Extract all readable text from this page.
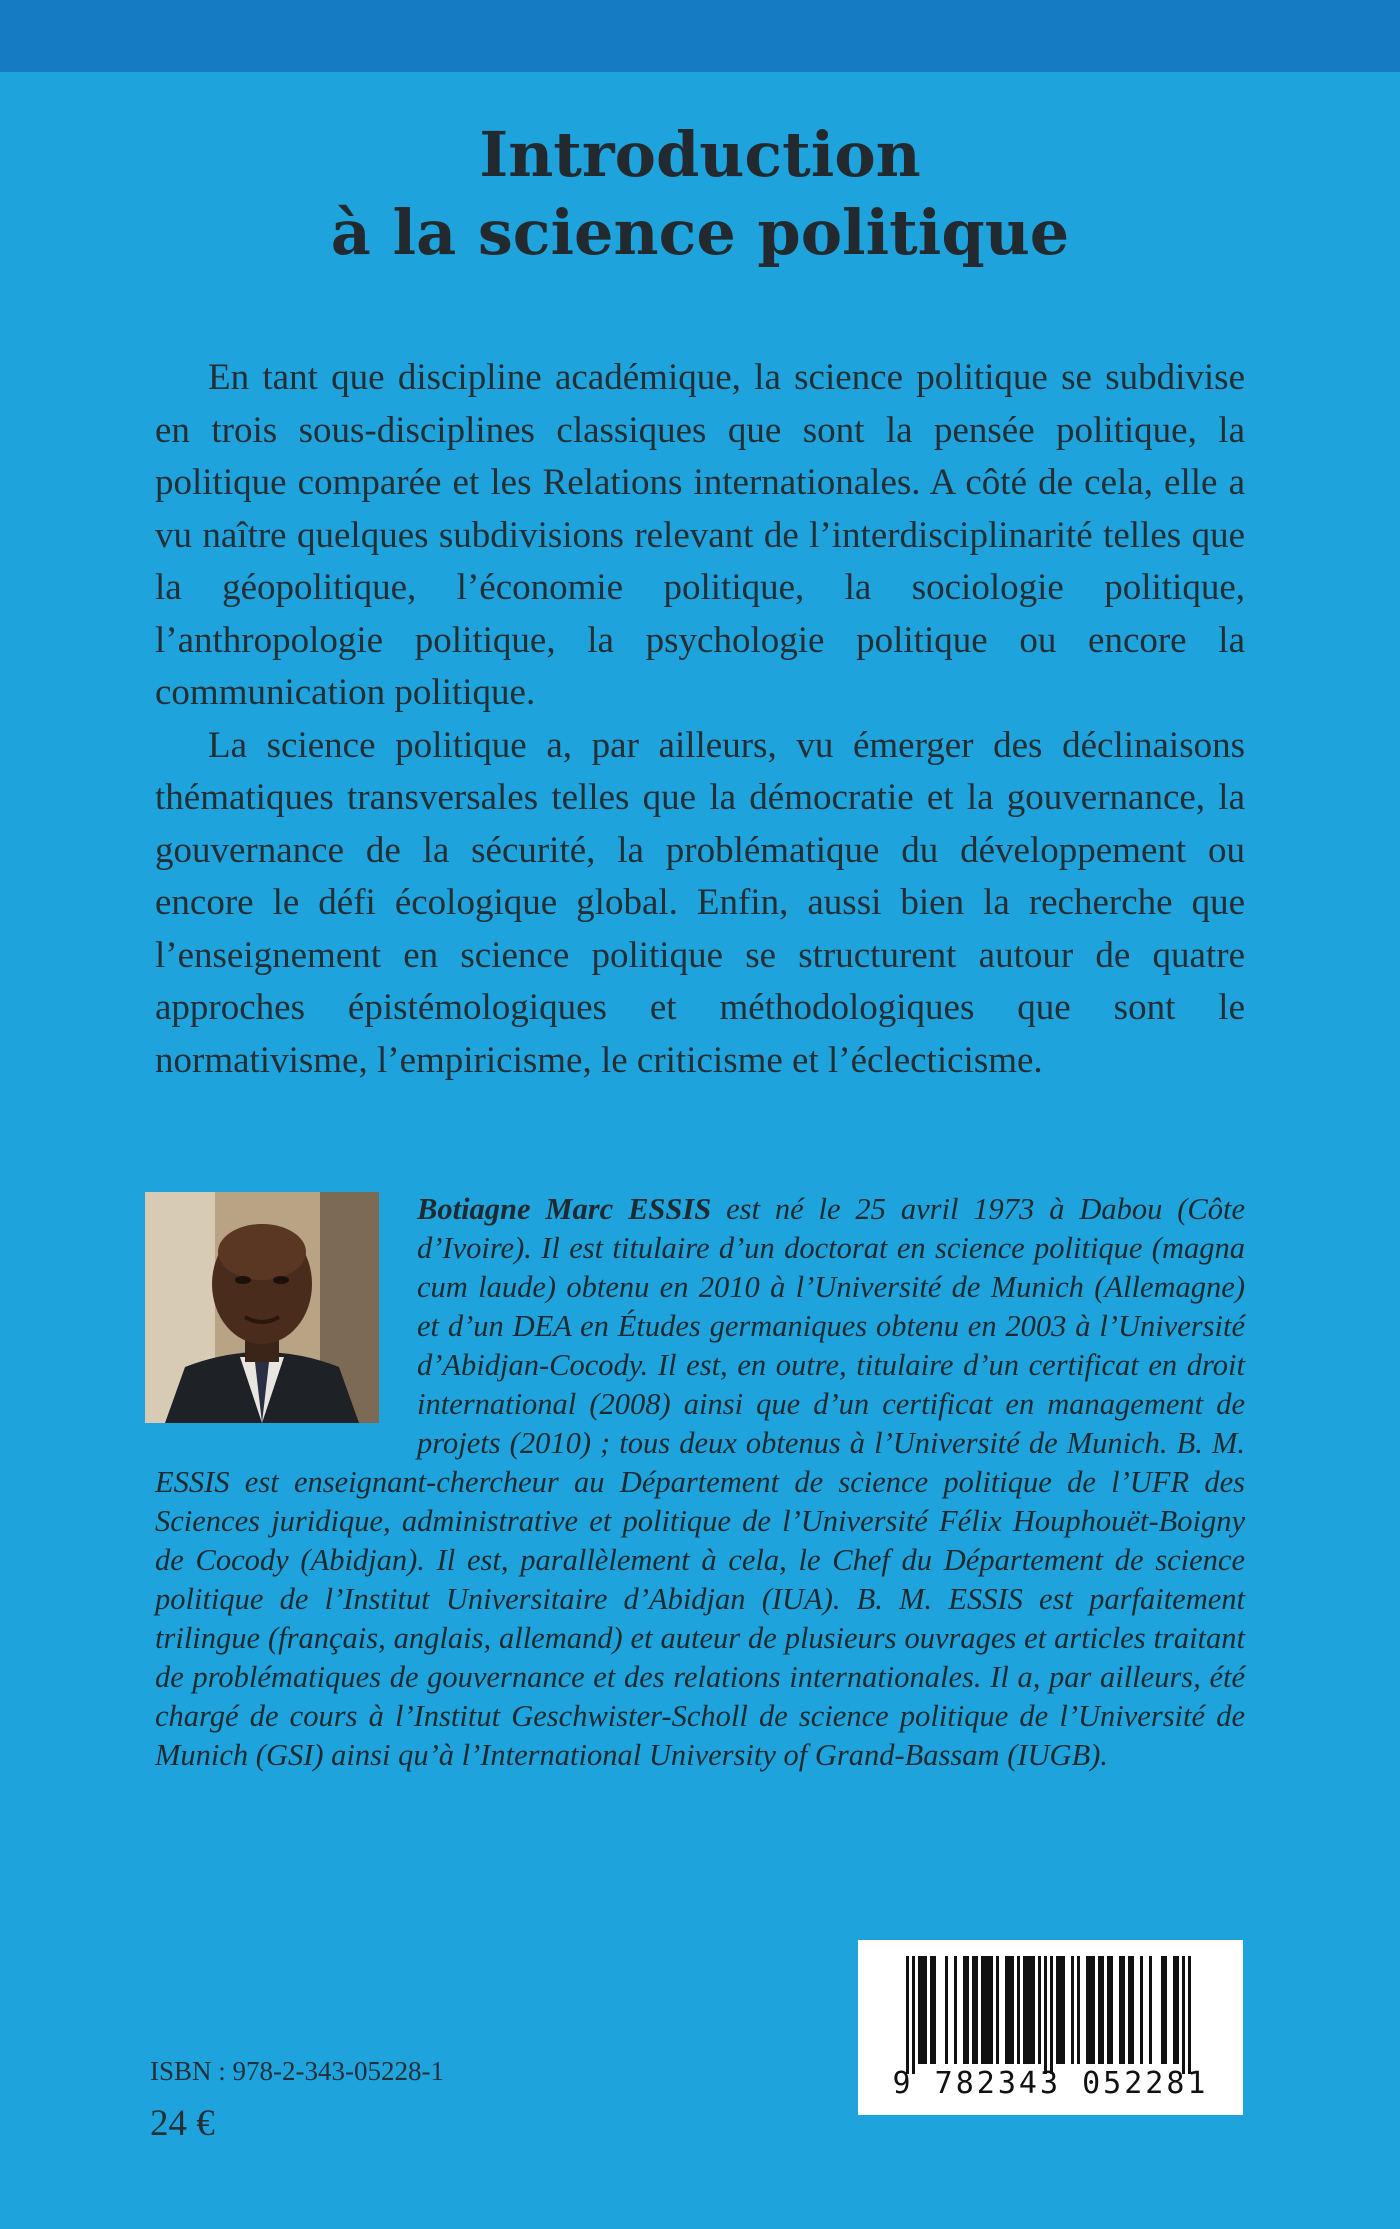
Introduction
à la science politique

En tant que discipline académique, la science politique se subdivise en trois sous-disciplines classiques que sont la pensée politique, la politique comparée et les Relations internationales. A côté de cela, elle a vu naître quelques subdivisions relevant de l’interdisciplinarité telles que la géopolitique, l’économie politique, la sociologie politique, l’anthropologie politique, la psychologie politique ou encore la communication politique.

La science politique a, par ailleurs, vu émerger des déclinaisons thématiques transversales telles que la démocratie et la gouvernance, la gouvernance de la sécurité, la problématique du développement ou encore le défi écologique global. Enfin, aussi bien la recherche que l’enseignement en science politique se structurent autour de quatre approches épistémologiques et méthodologiques que sont le normativisme, l’empiricisme, le criticisme et l’éclecticisme.

Botiagne Marc ESSIS est né le 25 avril 1973 à Dabou (Côte d’Ivoire). Il est titulaire d’un doctorat en science politique (magna cum laude) obtenu en 2010 à l’Université de Munich (Allemagne) et d’un DEA en Études germaniques obtenu en 2003 à l’Université d’Abidjan-Cocody. Il est, en outre, titulaire d’un certificat en droit international (2008) ainsi que d’un certificat en management de projets (2010) ; tous deux obtenus à l’Université de Munich. B. M. ESSIS est enseignant-chercheur au Département de science politique de l’UFR des Sciences juridique, administrative et politique de l’Université Félix Houphouët-Boigny de Cocody (Abidjan). Il est, parallèlement à cela, le Chef du Département de science politique de l’Institut Universitaire d’Abidjan (IUA). B. M. ESSIS est parfaitement trilingue (français, anglais, allemand) et auteur de plusieurs ouvrages et articles traitant de problématiques de gouvernance et des relations internationales. Il a, par ailleurs, été chargé de cours à l’Institut Geschwister-Scholl de science politique de l’Université de Munich (GSI) ainsi qu’à l’International University of Grand-Bassam (IUGB).

9 782343 052281

ISBN : 978-2-343-05228-1

24 €
